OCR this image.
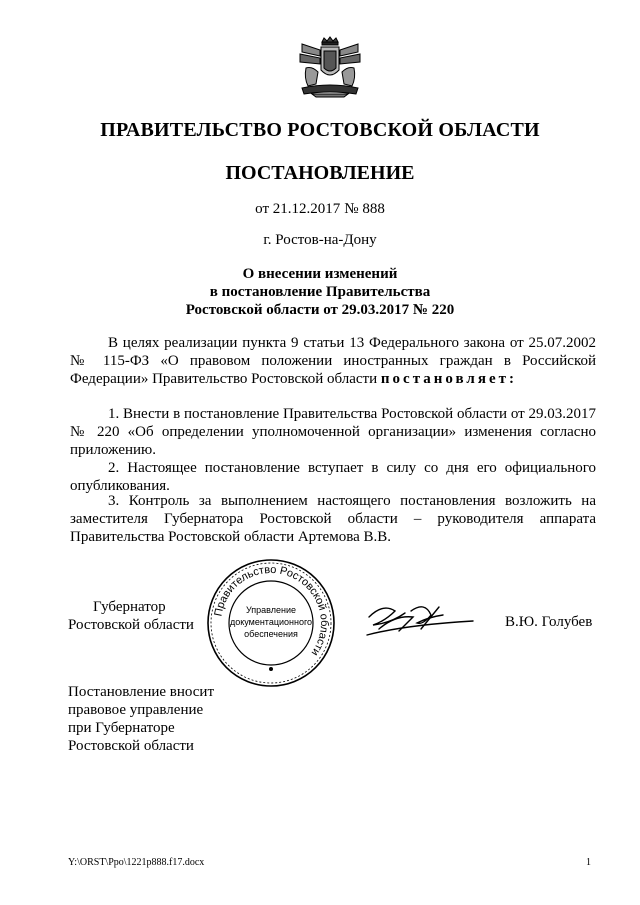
ПРАВИТЕЛЬСТВО РОСТОВСКОЙ ОБЛАСТИ
ПОСТАНОВЛЕНИЕ
от 21.12.2017 № 888
г. Ростов-на-Дону
О внесении изменений
в постановление Правительства
Ростовской области от 29.03.2017 № 220
В целях реализации пункта 9 статьи 13 Федерального закона от 25.07.2002 № 115-ФЗ «О правовом положении иностранных граждан в Российской Федерации» Правительство Ростовской области постановляет:
1. Внести в постановление Правительства Ростовской области от 29.03.2017 № 220 «Об определении уполномоченной организации» изменения согласно приложению.
2. Настоящее постановление вступает в силу со дня его официального опубликования.
3. Контроль за выполнением настоящего постановления возложить на заместителя Губернатора Ростовской области – руководителя аппарата Правительства Ростовской области Артемова В.В.
Губернатор
Ростовской области
Правительство Ростовской области
Управление
документационного
обеспечения
В.Ю. Голубев
Постановление вносит
правовое управление
при Губернаторе
Ростовской области
Y:\ORST\Ppo\1221p888.f17.docx	1
